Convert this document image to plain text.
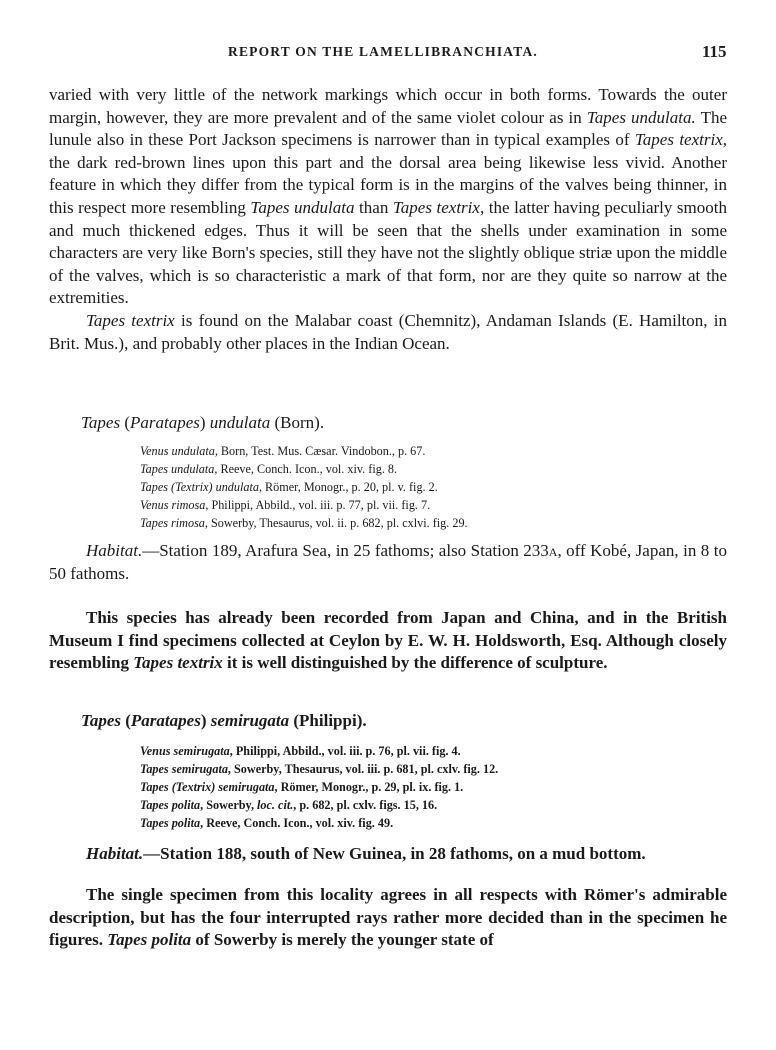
REPORT ON THE LAMELLIBRANCHIATA.	115

varied with very little of the network markings which occur in both forms. Towards the outer margin, however, they are more prevalent and of the same violet colour as in Tapes undulata. The lunule also in these Port Jackson specimens is narrower than in typical examples of Tapes textrix, the dark red-brown lines upon this part and the dorsal area being likewise less vivid. Another feature in which they differ from the typical form is in the margins of the valves being thinner, in this respect more resembling Tapes undulata than Tapes textrix, the latter having peculiarly smooth and much thickened edges. Thus it will be seen that the shells under examination in some characters are very like Born's species, still they have not the slightly oblique striæ upon the middle of the valves, which is so characteristic a mark of that form, nor are they quite so narrow at the extremities.

Tapes textrix is found on the Malabar coast (Chemnitz), Andaman Islands (E. Hamilton, in Brit. Mus.), and probably other places in the Indian Ocean.

Tapes (Paratapes) undulata (Born).

Venus undulata, Born, Test. Mus. Cæsar. Vindobon., p. 67.
Tapes undulata, Reeve, Conch. Icon., vol. xiv. fig. 8.
Tapes (Textrix) undulata, Römer, Monogr., p. 20, pl. v. fig. 2.
Venus rimosa, Philippi, Abbild., vol. iii. p. 77, pl. vii. fig. 7.
Tapes rimosa, Sowerby, Thesaurus, vol. ii. p. 682, pl. cxlvi. fig. 29.

Habitat.—Station 189, Arafura Sea, in 25 fathoms; also Station 233a, off Kobé, Japan, in 8 to 50 fathoms.

This species has already been recorded from Japan and China, and in the British Museum I find specimens collected at Ceylon by E. W. H. Holdsworth, Esq. Although closely resembling Tapes textrix it is well distinguished by the difference of sculpture.

Tapes (Paratapes) semirugata (Philippi).

Venus semirugata, Philippi, Abbild., vol. iii. p. 76, pl. vii. fig. 4.
Tapes semirugata, Sowerby, Thesaurus, vol. iii. p. 681, pl. cxlv. fig. 12.
Tapes (Textrix) semirugata, Römer, Monogr., p. 29, pl. ix. fig. 1.
Tapes polita, Sowerby, loc. cit., p. 682, pl. cxlv. figs. 15, 16.
Tapes polita, Reeve, Conch. Icon., vol. xiv. fig. 49.

Habitat.—Station 188, south of New Guinea, in 28 fathoms, on a mud bottom.

The single specimen from this locality agrees in all respects with Römer's admirable description, but has the four interrupted rays rather more decided than in the specimen he figures. Tapes polita of Sowerby is merely the younger state of
